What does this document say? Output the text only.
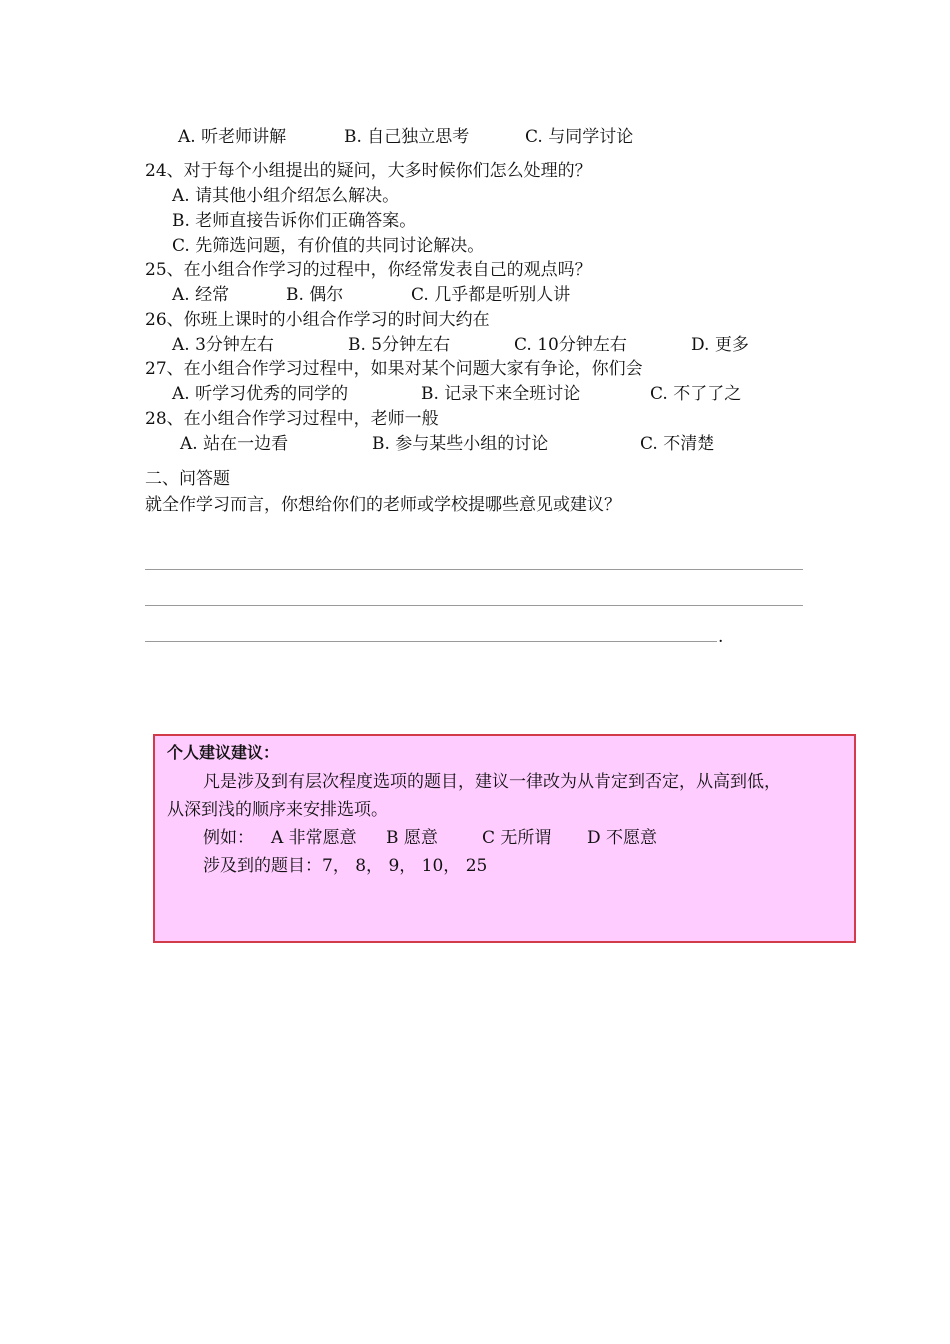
A. 听老师讲解	B. 自己独立思考	C. 与同学讨论
24、对于每个小组提出的疑问，大多时候你们怎么处理的？
A. 请其他小组介绍怎么解决。
B. 老师直接告诉你们正确答案。
C. 先筛选问题，有价值的共同讨论解决。
25、在小组合作学习的过程中，你经常发表自己的观点吗？
A. 经常	B. 偶尔	C. 几乎都是听别人讲
26、你班上课时的小组合作学习的时间大约在
A. 3分钟左右	B. 5分钟左右	C. 10分钟左右	D. 更多
27、在小组合作学习过程中，如果对某个问题大家有争论，你们会
A. 听学习优秀的同学的	B. 记录下来全班讨论	C. 不了了之
28、在小组合作学习过程中，老师一般
A. 站在一边看	B. 参与某些小组的讨论	C. 不清楚
二、问答题
就全作学习而言，你想给你们的老师或学校提哪些意见或建议？
.
个人建议建议：
凡是涉及到有层次程度选项的题目，建议一律改为从肯定到否定，从高到低，
从深到浅的顺序来安排选项。
例如： A 非常愿意 B 愿意	C 无所谓 D 不愿意
涉及到的题目：7， 8， 9， 10， 25
